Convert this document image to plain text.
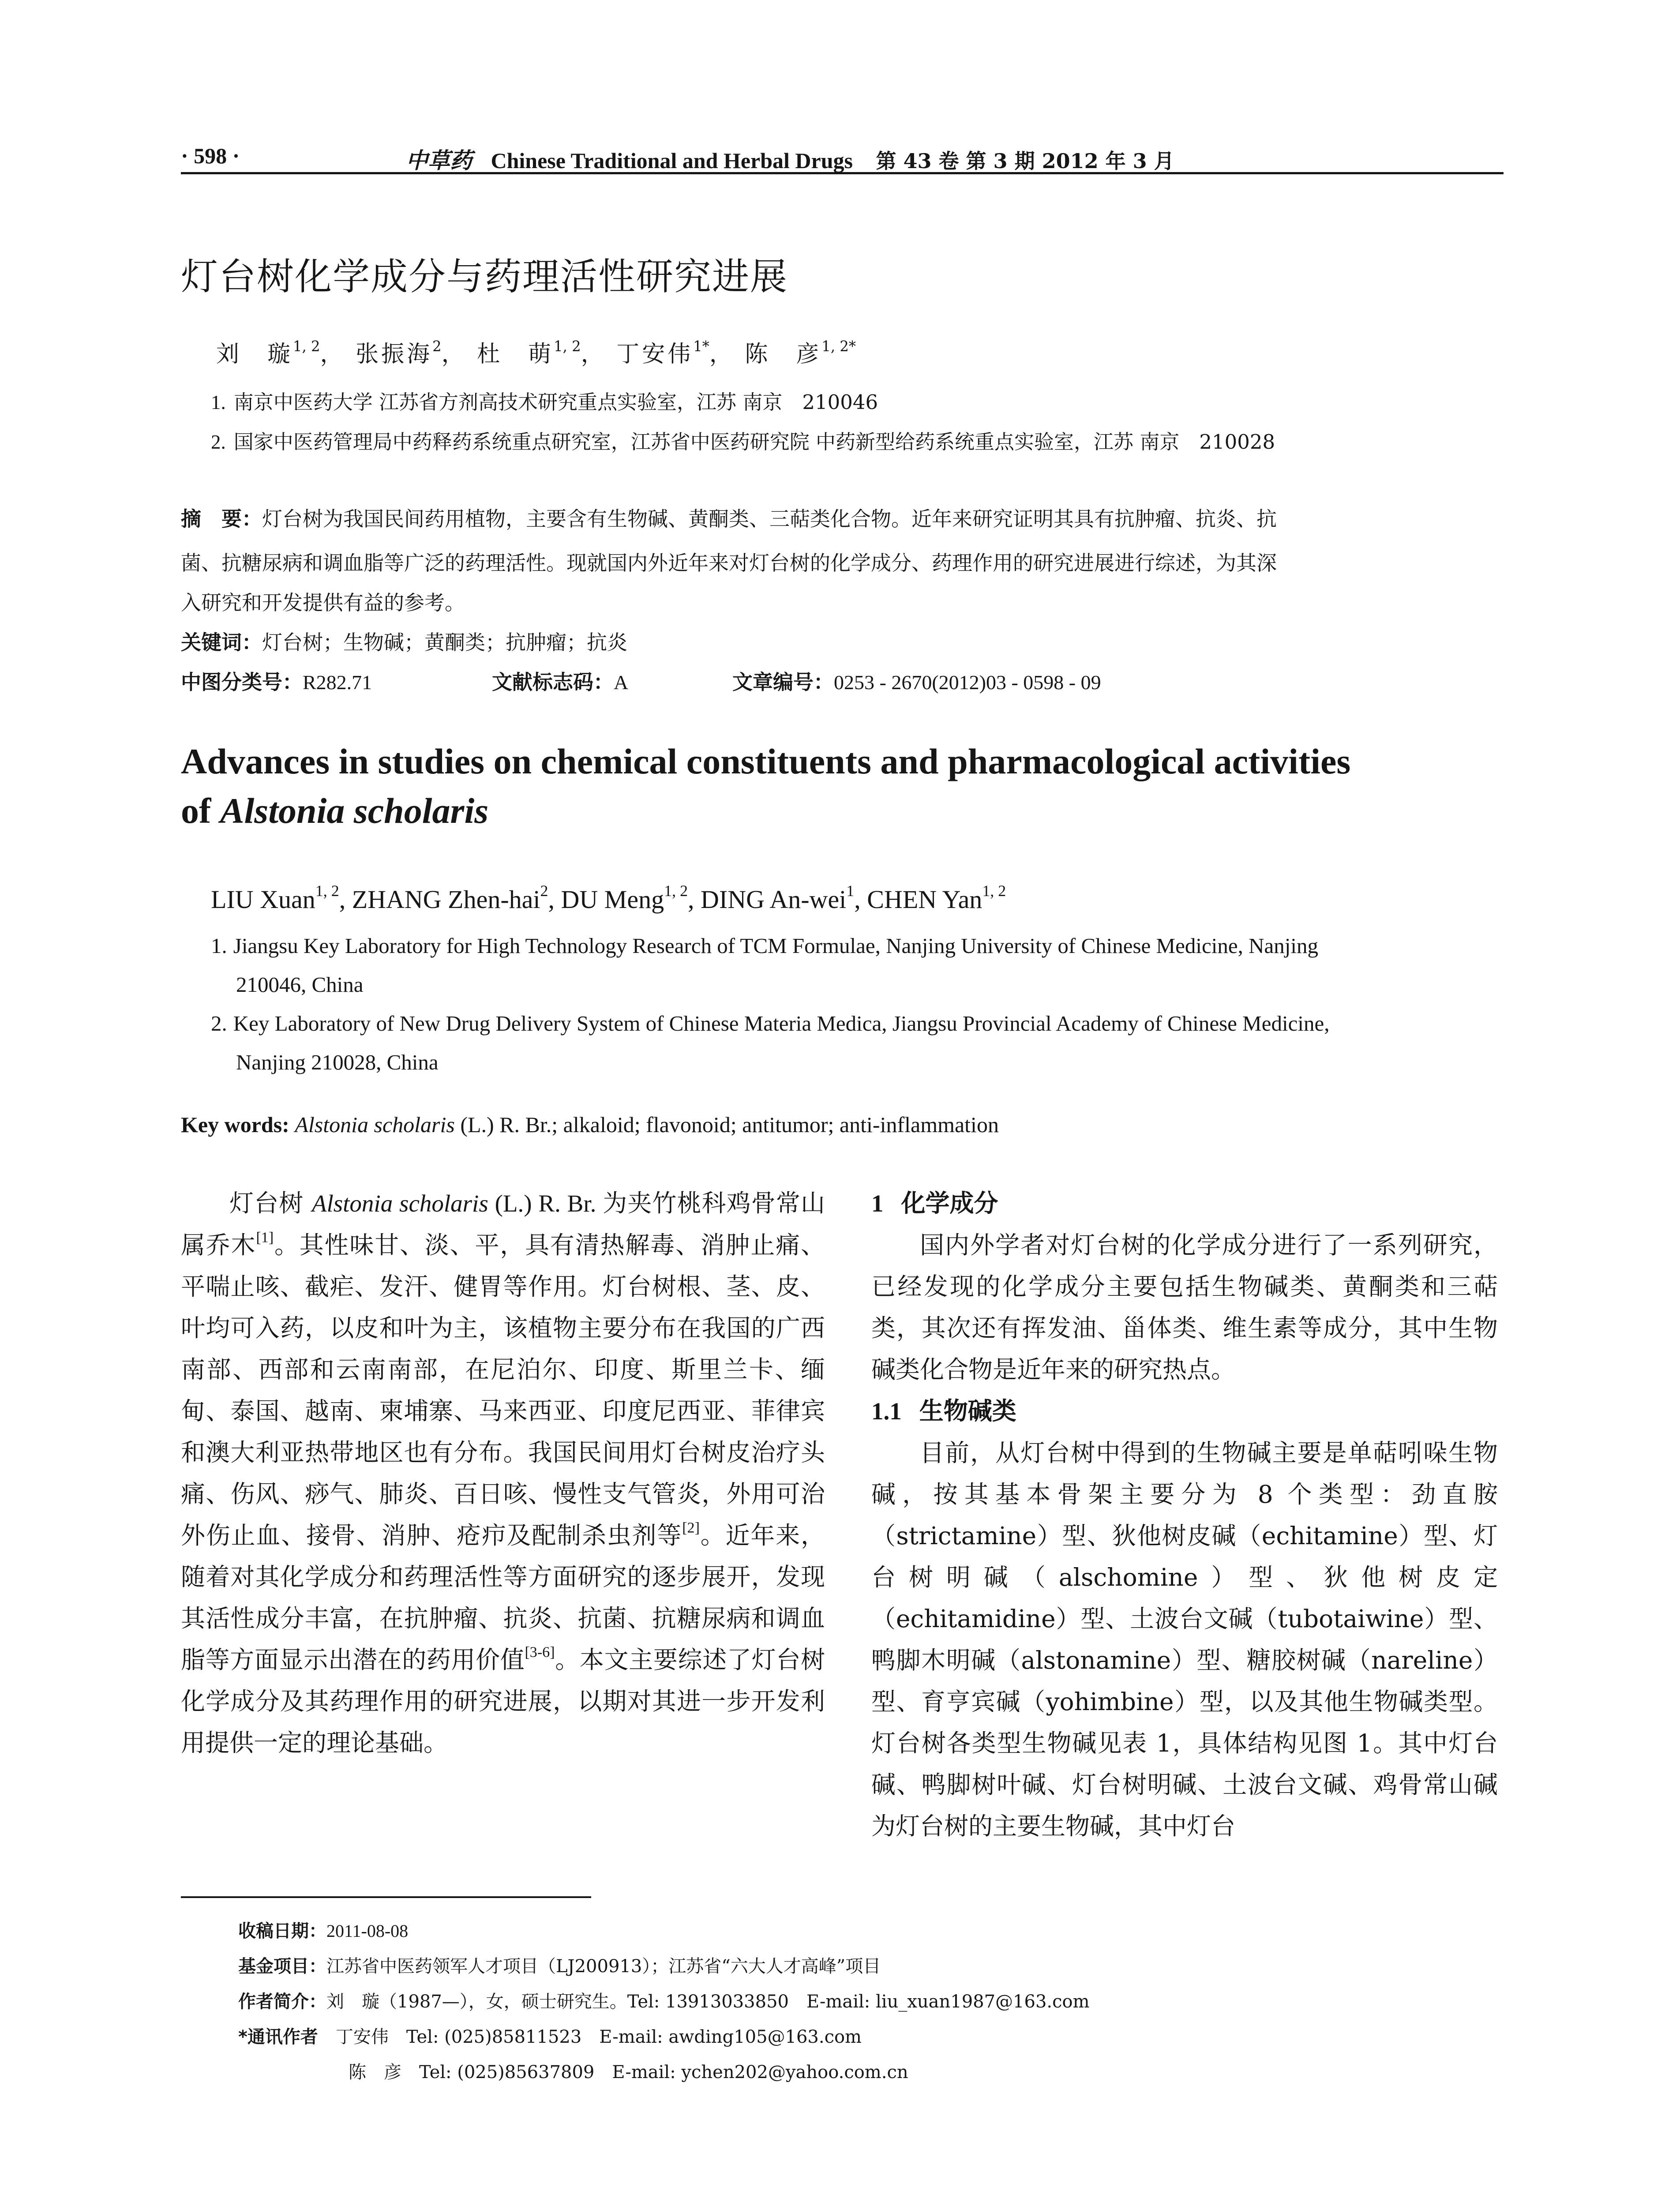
· 598 ·	中草药 Chinese Traditional and Herbal Drugs 第 43 卷 第 3 期 2012 年 3 月
灯台树化学成分与药理活性研究进展
刘　璇$^{1, 2}$， 张振海$^2$， 杜　萌$^{1, 2}$， 丁安伟$^{1*}$， 陈　彦$^{1, 2*}$
1. 南京中医药大学 江苏省方剂高技术研究重点实验室，江苏 南京　210046
2. 国家中医药管理局中药释药系统重点研究室，江苏省中医药研究院 中药新型给药系统重点实验室，江苏 南京　210028
摘　要：灯台树为我国民间药用植物，主要含有生物碱、黄酮类、三萜类化合物。近年来研究证明其具有抗肿瘤、抗炎、抗
菌、抗糖尿病和调血脂等广泛的药理活性。现就国内外近年来对灯台树的化学成分、药理作用的研究进展进行综述，为其深
入研究和开发提供有益的参考。
关键词：灯台树；生物碱；黄酮类；抗肿瘤；抗炎
中图分类号：R282.71	文献标志码：A	文章编号：0253 - 2670(2012)03 - 0598 - 09
Advances in studies on chemical constituents and pharmacological activities
of Alstonia scholaris
LIU Xuan$^{1, 2}$, ZHANG Zhen-hai$^2$, DU Meng$^{1, 2}$, DING An-wei$^1$, CHEN Yan$^{1, 2}$
1. Jiangsu Key Laboratory for High Technology Research of TCM Formulae, Nanjing University of Chinese Medicine, Nanjing
210046, China
2. Key Laboratory of New Drug Delivery System of Chinese Materia Medica, Jiangsu Provincial Academy of Chinese Medicine,
Nanjing 210028, China
Key words: Alstonia scholaris (L.) R. Br.; alkaloid; flavonoid; antitumor; anti-inflammation

灯台树 Alstonia scholaris (L.) R. Br. 为夹竹桃科鸡骨常山属乔木[1]。其性味甘、淡、平，具有清热解毒、消肿止痛、平喘止咳、截疟、发汗、健胃等作用。灯台树根、茎、皮、叶均可入药，以皮和叶为主，该植物主要分布在我国的广西南部、西部和云南南部，在尼泊尔、印度、斯里兰卡、缅甸、泰国、越南、柬埔寨、马来西亚、印度尼西亚、菲律宾和澳大利亚热带地区也有分布。我国民间用灯台树皮治疗头痛、伤风、痧气、肺炎、百日咳、慢性支气管炎，外用可治外伤止血、接骨、消肿、疮疖及配制杀虫剂等[2]。近年来，随着对其化学成分和药理活性等方面研究的逐步展开，发现其活性成分丰富，在抗肿瘤、抗炎、抗菌、抗糖尿病和调血脂等方面显示出潜在的药用价值[3-6]。本文主要综述了灯台树化学成分及其药理作用的研究进展，以期对其进一步开发利用提供一定的理论基础。

1 化学成分

国内外学者对灯台树的化学成分进行了一系列研究，已经发现的化学成分主要包括生物碱类、黄酮类和三萜类，其次还有挥发油、甾体类、维生素等成分，其中生物碱类化合物是近年来的研究热点。

1.1 生物碱类

目前，从灯台树中得到的生物碱主要是单萜吲哚生物碱，按其基本骨架主要分为 8 个类型：劲直胺（strictamine）型、狄他树皮碱（echitamine）型、灯台树明碱（alschomine）型、狄他树皮定（echitamidine）型、土波台文碱（tubotaiwine）型、鸭脚木明碱（alstonamine）型、糖胶树碱（nareline）型、育亨宾碱（yohimbine）型，以及其他生物碱类型。灯台树各类型生物碱见表 1，具体结构见图 1。其中灯台碱、鸭脚树叶碱、灯台树明碱、土波台文碱、鸡骨常山碱为灯台树的主要生物碱，其中灯台

收稿日期：2011-08-08
基金项目：江苏省中医药领军人才项目（LJ200913）；江苏省“六大人才高峰”项目
作者简介：刘　璇（1987—），女，硕士研究生。Tel: 13913033850　E-mail: liu_xuan1987@163.com
*通讯作者　 丁安伟　Tel: (025)85811523　E-mail: awding105@163.com
陈　彦　Tel: (025)85637809　E-mail: ychen202@yahoo.com.cn
